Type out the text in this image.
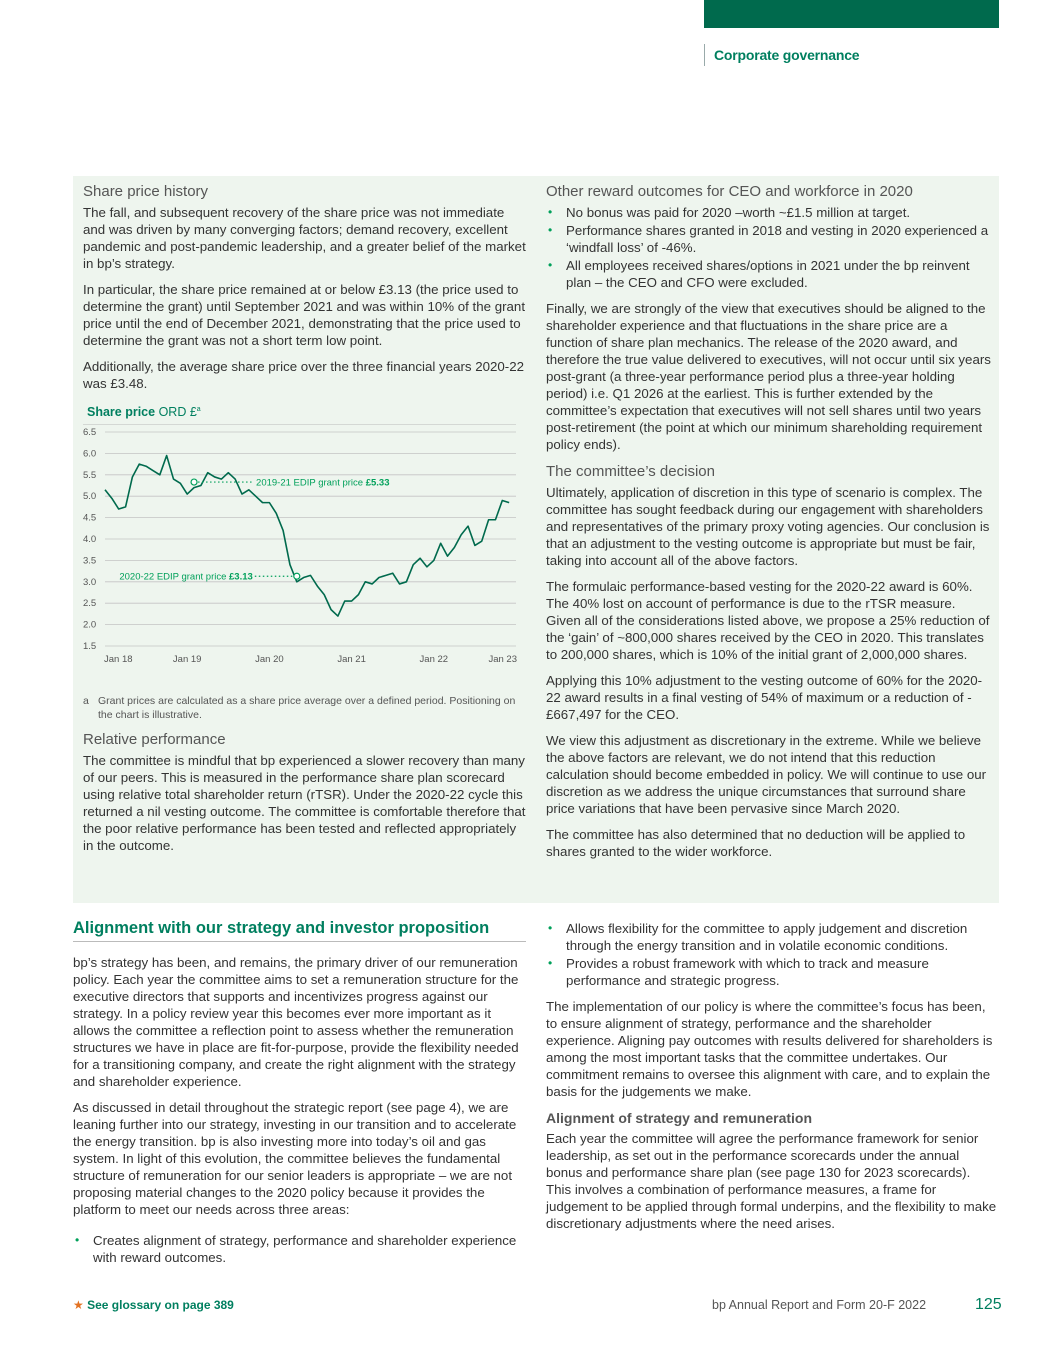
Corporate governance
Share price history

The fall, and subsequent recovery of the share price was not immediate and was driven by many converging factors; demand recovery, excellent pandemic and post-pandemic leadership, and a greater belief of the market in bp’s strategy.

In particular, the share price remained at or below £3.13 (the price used to determine the grant) until September 2021 and was within 10% of the grant price until the end of December 2021, demonstrating that the price used to determine the grant was not a short term low point.

Additionally, the average share price over the three financial years 2020-22 was £3.48.

Share price ORD £$^a$
6.5
6.0
5.5
5.0
4.5
4.0
3.5
3.0
2.5
2.0
1.5
Jan 18	Jan 19	Jan 20	Jan 21	Jan 22	Jan 23
2019-21 EDIP grant price £5.33
2020-22 EDIP grant price £3.13
a Grant prices are calculated as a share price average over a defined period. Positioning on the chart is illustrative.
Relative performance

The committee is mindful that bp experienced a slower recovery than many of our peers. This is measured in the performance share plan scorecard using relative total shareholder return (rTSR). Under the 2020-22 cycle this returned a nil vesting outcome. The committee is comfortable therefore that the poor relative performance has been tested and reflected appropriately in the outcome.

Other reward outcomes for CEO and workforce in 2020
• No bonus was paid for 2020 –worth ~£1.5 million at target.
• Performance shares granted in 2018 and vesting in 2020 experienced a ‘windfall loss’ of -46%.
• All employees received shares/options in 2021 under the bp reinvent plan – the CEO and CFO were excluded.

Finally, we are strongly of the view that executives should be aligned to the shareholder experience and that fluctuations in the share price are a function of share plan mechanics. The release of the 2020 award, and therefore the true value delivered to executives, will not occur until six years post-grant (a three-year performance period plus a three-year holding period) i.e. Q1 2026 at the earliest. This is further extended by the committee’s expectation that executives will not sell shares until two years post-retirement (the point at which our minimum shareholding requirement policy ends).

The committee’s decision

Ultimately, application of discretion in this type of scenario is complex. The committee has sought feedback during our engagement with shareholders and representatives of the primary proxy voting agencies. Our conclusion is that an adjustment to the vesting outcome is appropriate but must be fair, taking into account all of the above factors.

The formulaic performance-based vesting for the 2020-22 award is 60%. The 40% lost on account of performance is due to the rTSR measure. Given all of the considerations listed above, we propose a 25% reduction of the ‘gain’ of ~800,000 shares received by the CEO in 2020. This translates to 200,000 shares, which is 10% of the initial grant of 2,000,000 shares.

Applying this 10% adjustment to the vesting outcome of 60% for the 2020-22 award results in a final vesting of 54% of maximum or a reduction of -£667,497 for the CEO.

We view this adjustment as discretionary in the extreme. While we believe the above factors are relevant, we do not intend that this reduction calculation should become embedded in policy. We will continue to use our discretion as we address the unique circumstances that surround share price variations that have been pervasive since March 2020.

The committee has also determined that no deduction will be applied to shares granted to the wider workforce.

Alignment with our strategy and investor proposition

bp’s strategy has been, and remains, the primary driver of our remuneration policy. Each year the committee aims to set a remuneration structure for the executive directors that supports and incentivizes progress against our strategy. In a policy review year this becomes ever more important as it allows the committee a reflection point to assess whether the remuneration structures we have in place are fit-for-purpose, provide the flexibility needed for a transitioning company, and create the right alignment with the strategy and shareholder experience.

As discussed in detail throughout the strategic report (see page 4), we are leaning further into our strategy, investing in our transition and to accelerate the energy transition. bp is also investing more into today’s oil and gas system. In light of this evolution, the committee believes the fundamental structure of remuneration for our senior leaders is appropriate – we are not proposing material changes to the 2020 policy because it provides the platform to meet our needs across three areas:

• Creates alignment of strategy, performance and shareholder experience with reward outcomes.
• Allows flexibility for the committee to apply judgement and discretion through the energy transition and in volatile economic conditions.
• Provides a robust framework with which to track and measure performance and strategic progress.

The implementation of our policy is where the committee’s focus has been, to ensure alignment of strategy, performance and the shareholder experience. Aligning pay outcomes with results delivered for shareholders is among the most important tasks that the committee undertakes. Our commitment remains to oversee this alignment with care, and to explain the basis for the judgements we make.

Alignment of strategy and remuneration

Each year the committee will agree the performance framework for senior leadership, as set out in the performance scorecards under the annual bonus and performance share plan (see page 130 for 2023 scorecards). This involves a combination of performance measures, a frame for judgement to be applied through formal underpins, and the flexibility to make discretionary adjustments where the need arises.

★ See glossary on page 389	bp Annual Report and Form 20-F 2022	125
